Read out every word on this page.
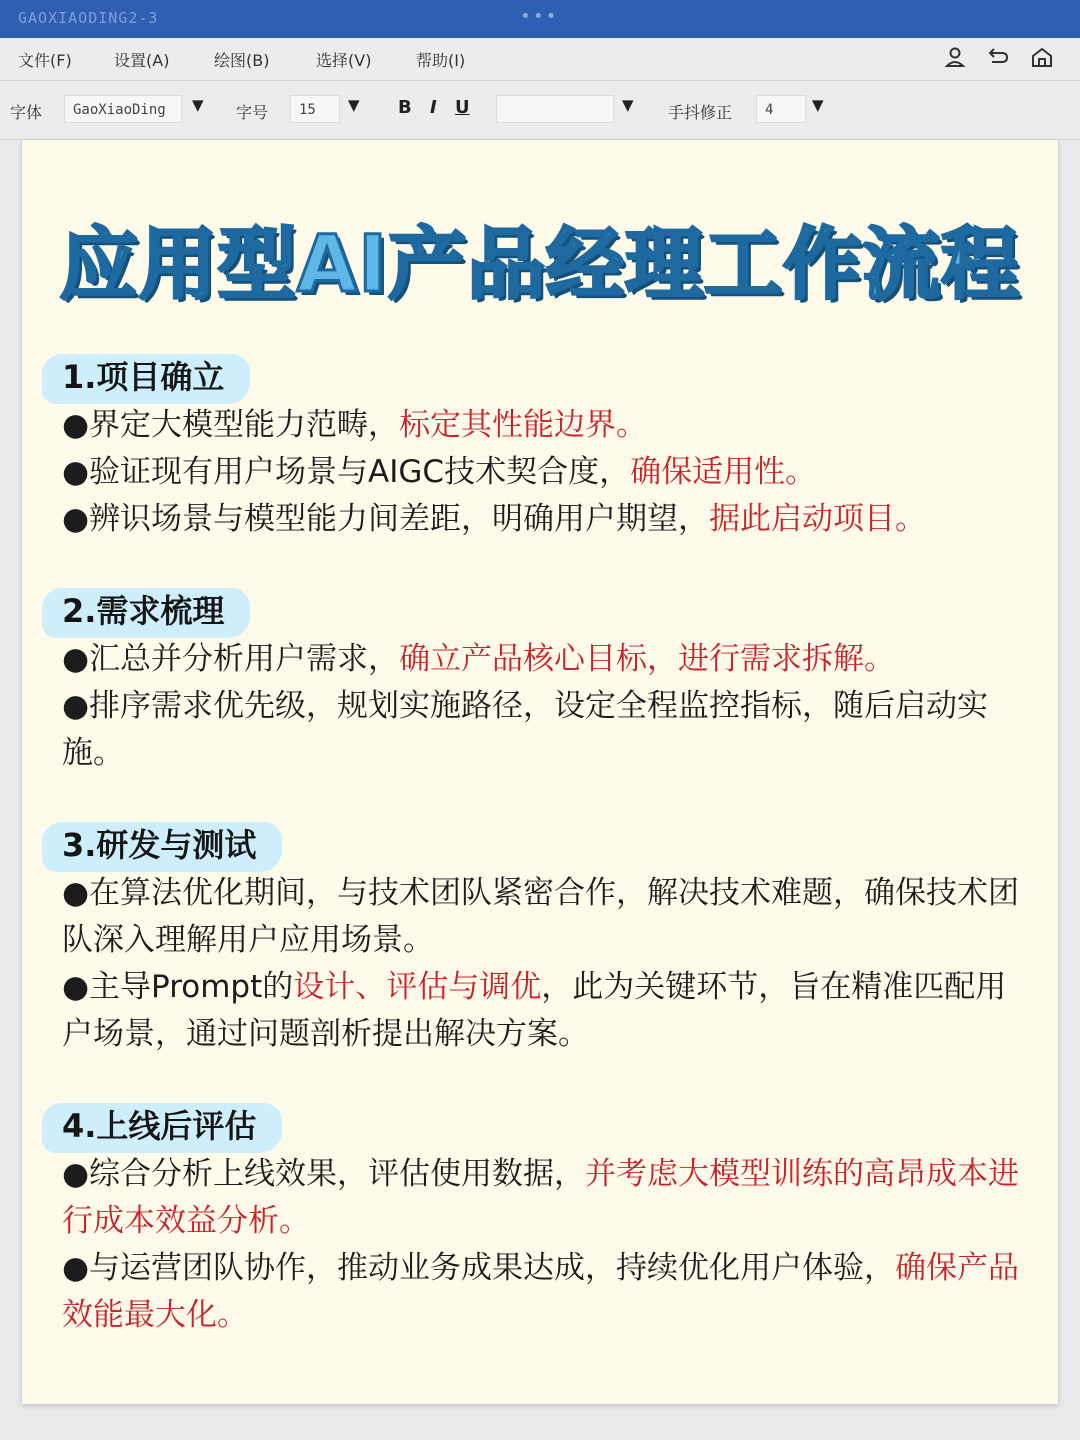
GAOXIAODING2-3	•••
文件(F)	设置(A)	绘图(B)	选择(V)	帮助(I)
字体	GaoXiaoDing	▼ 字号	15	▼ B I U	▼ 手抖修正	4	▼
应用型AI产品经理工作流程
1.项目确立

●界定大模型能力范畴，标定其性能边界。

●验证现有用户场景与AIGC技术契合度，确保适用性。

●辨识场景与模型能力间差距，明确用户期望，据此启动项目。

2.需求梳理

●汇总并分析用户需求，确立产品核心目标，进行需求拆解。

●排序需求优先级，规划实施路径，设定全程监控指标，随后启动实施。

3.研发与测试

●在算法优化期间，与技术团队紧密合作，解决技术难题，确保技术团队深入理解用户应用场景。

●主导Prompt的设计、评估与调优，此为关键环节，旨在精准匹配用户场景，通过问题剖析提出解决方案。

4.上线后评估

●综合分析上线效果，评估使用数据，并考虑大模型训练的高昂成本进行成本效益分析。

●与运营团队协作，推动业务成果达成，持续优化用户体验，确保产品效能最大化。
